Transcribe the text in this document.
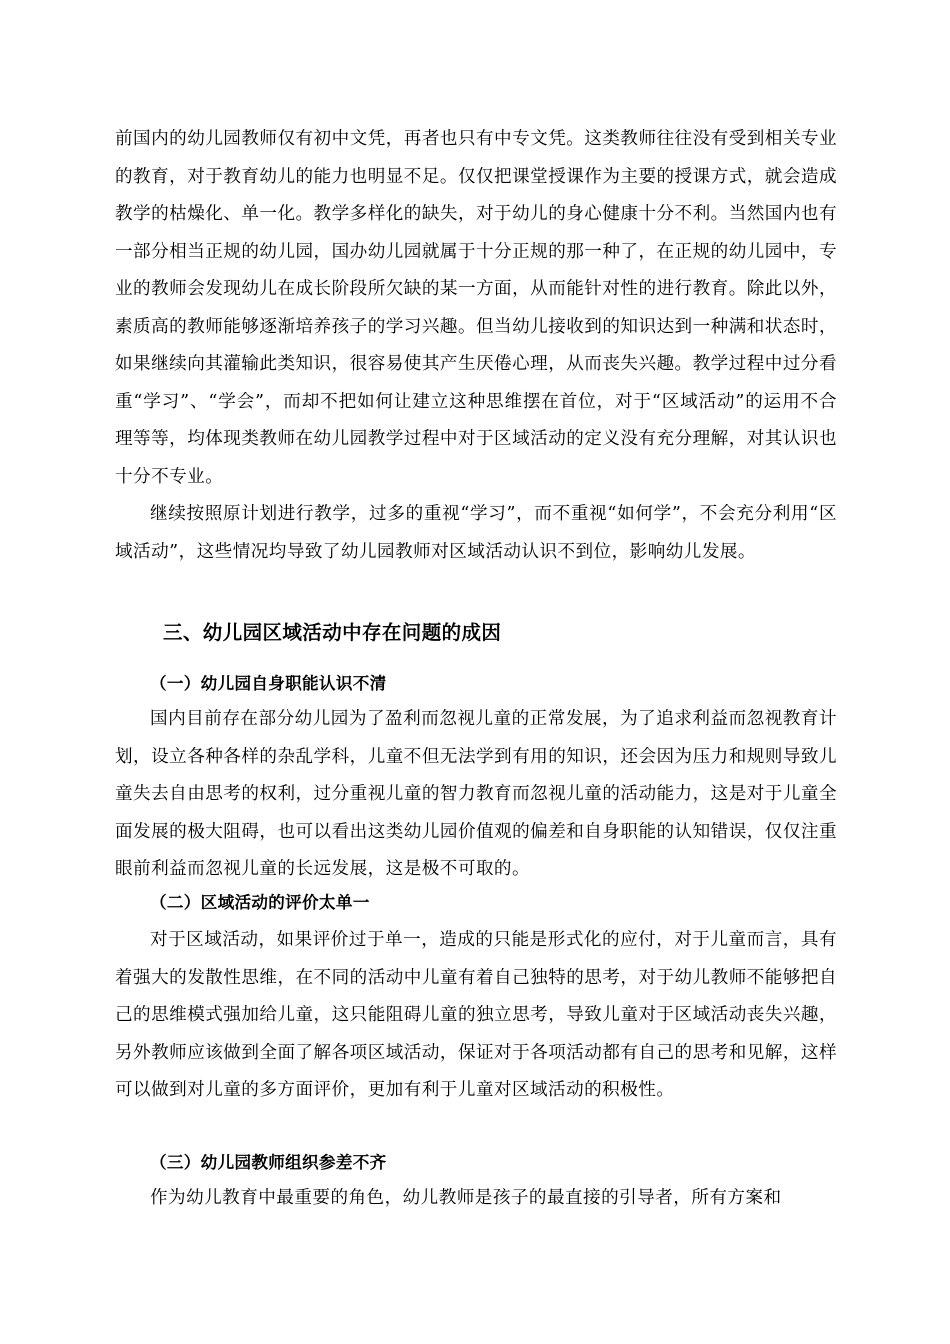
前国内的幼儿园教师仅有初中文凭，再者也只有中专文凭。这类教师往往没有受到相关专业的教育，对于教育幼儿的能力也明显不足。仅仅把课堂授课作为主要的授课方式，就会造成教学的枯燥化、单一化。教学多样化的缺失，对于幼儿的身心健康十分不利。当然国内也有一部分相当正规的幼儿园，国办幼儿园就属于十分正规的那一种了，在正规的幼儿园中，专业的教师会发现幼儿在成长阶段所欠缺的某一方面，从而能针对性的进行教育。除此以外，素质高的教师能够逐渐培养孩子的学习兴趣。但当幼儿接收到的知识达到一种满和状态时，如果继续向其灌输此类知识，很容易使其产生厌倦心理，从而丧失兴趣。教学过程中过分看重“学习”、“学会”，而却不把如何让建立这种思维摆在首位，对于“区域活动”的运用不合理等等，均体现类教师在幼儿园教学过程中对于区域活动的定义没有充分理解，对其认识也十分不专业。

继续按照原计划进行教学，过多的重视“学习”，而不重视“如何学”，不会充分利用“区域活动”，这些情况均导致了幼儿园教师对区域活动认识不到位，影响幼儿发展。

三、幼儿园区域活动中存在问题的成因
（一）幼儿园自身职能认识不清

国内目前存在部分幼儿园为了盈利而忽视儿童的正常发展，为了追求利益而忽视教育计划，设立各种各样的杂乱学科，儿童不但无法学到有用的知识，还会因为压力和规则导致儿童失去自由思考的权利，过分重视儿童的智力教育而忽视儿童的活动能力，这是对于儿童全面发展的极大阻碍，也可以看出这类幼儿园价值观的偏差和自身职能的认知错误，仅仅注重眼前利益而忽视儿童的长远发展，这是极不可取的。

（二）区域活动的评价太单一

对于区域活动，如果评价过于单一，造成的只能是形式化的应付，对于儿童而言，具有着强大的发散性思维，在不同的活动中儿童有着自己独特的思考，对于幼儿教师不能够把自己的思维模式强加给儿童，这只能阻碍儿童的独立思考，导致儿童对于区域活动丧失兴趣，另外教师应该做到全面了解各项区域活动，保证对于各项活动都有自己的思考和见解，这样可以做到对儿童的多方面评价，更加有利于儿童对区域活动的积极性。

（三）幼儿园教师组织参差不齐

作为幼儿教育中最重要的角色，幼儿教师是孩子的最直接的引导者，所有方案和
